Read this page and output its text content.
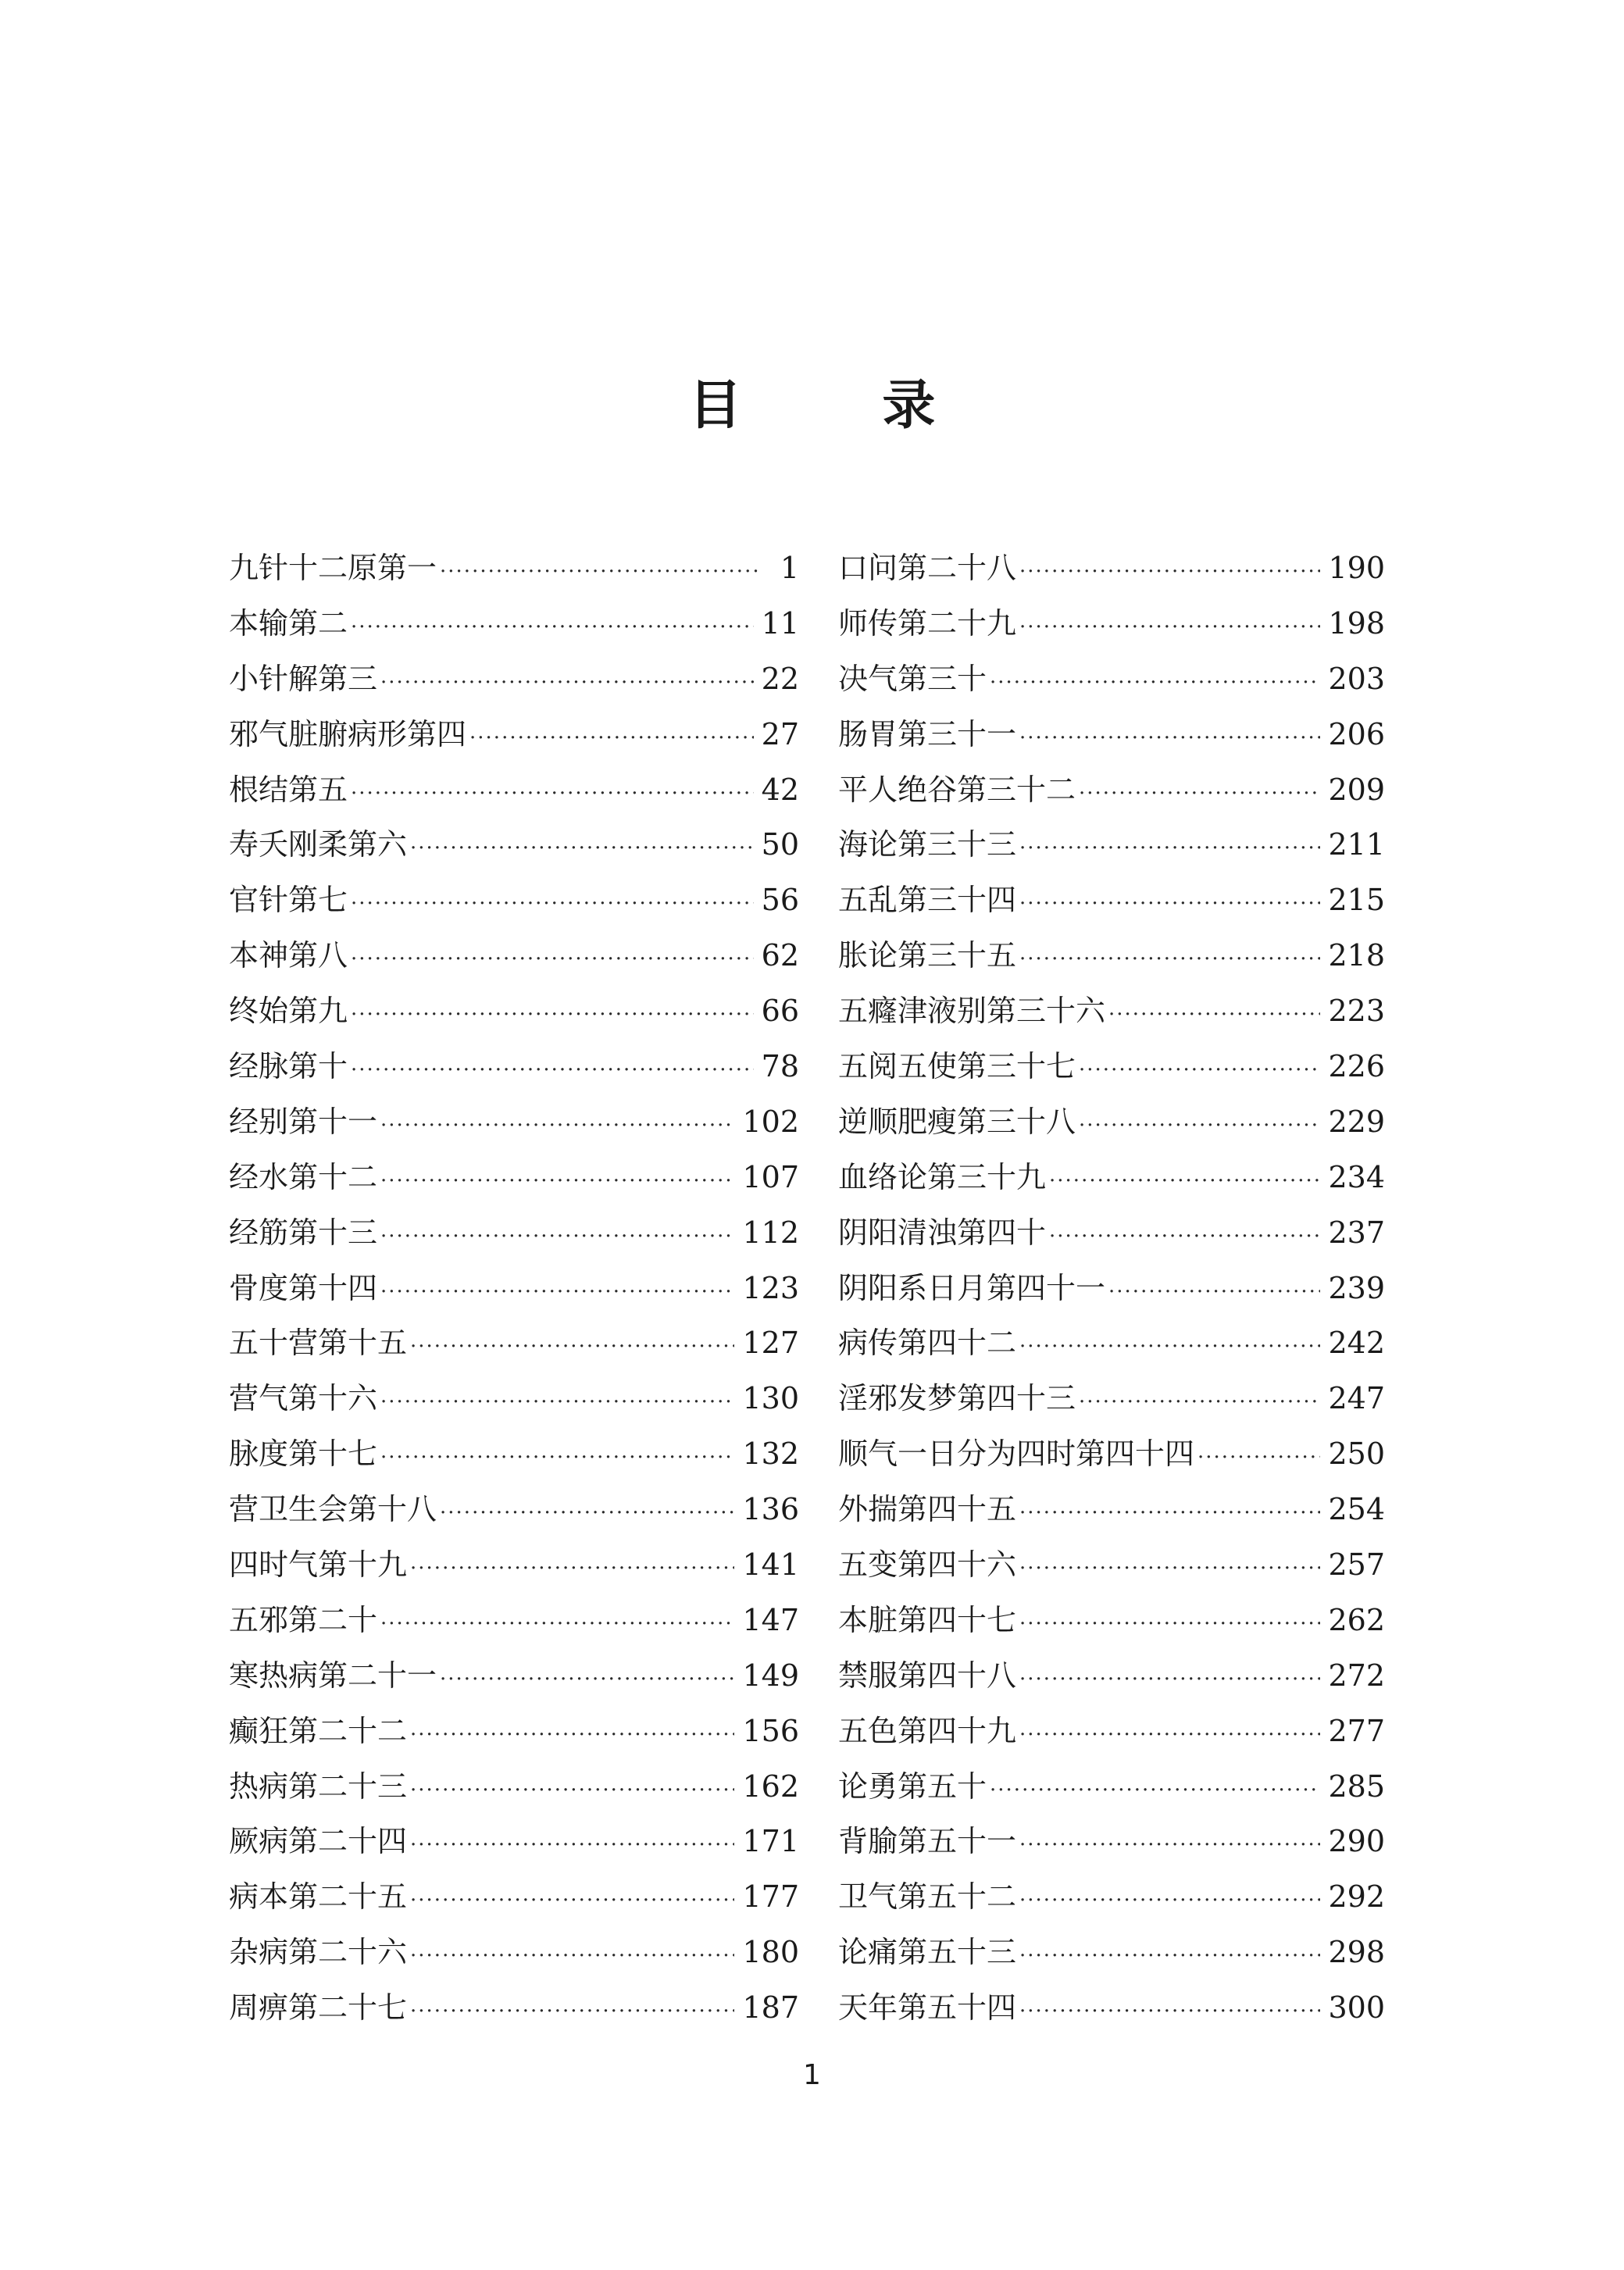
目 录
九针十二原第一 ·····	1
本输第二 ·····	11
小针解第三 ·····	22
邪气脏腑病形第四 ·····	27
根结第五 ·····	42
寿夭刚柔第六 ·····	50
官针第七 ·····	56
本神第八 ·····	62
终始第九 ·····	66
经脉第十 ·····	78
经别第十一 ·····	102
经水第十二 ·····	107
经筋第十三 ·····	112
骨度第十四 ·····	123
五十营第十五 ·····	127
营气第十六 ·····	130
脉度第十七 ·····	132
营卫生会第十八 ·····	136
四时气第十九 ·····	141
五邪第二十 ·····	147
寒热病第二十一 ·····	149
癫狂第二十二 ·····	156
热病第二十三 ·····	162
厥病第二十四 ·····	171
病本第二十五 ·····	177
杂病第二十六 ·····	180
周痹第二十七 ·····	187
口问第二十八 ·····	190
师传第二十九 ·····	198
决气第三十 ·····	203
肠胃第三十一 ·····	206
平人绝谷第三十二 ·····	209
海论第三十三 ·····	211
五乱第三十四 ·····	215
胀论第三十五 ·····	218
五癃津液别第三十六 ·····	223
五阅五使第三十七 ·····	226
逆顺肥瘦第三十八 ·····	229
血络论第三十九 ·····	234
阴阳清浊第四十 ·····	237
阴阳系日月第四十一 ·····	239
病传第四十二 ·····	242
淫邪发梦第四十三 ·····	247
顺气一日分为四时第四十四 ·····	250
外揣第四十五 ·····	254
五变第四十六 ·····	257
本脏第四十七 ·····	262
禁服第四十八 ·····	272
五色第四十九 ·····	277
论勇第五十 ·····	285
背腧第五十一 ·····	290
卫气第五十二 ·····	292
论痛第五十三 ·····	298
天年第五十四 ·····	300
1
